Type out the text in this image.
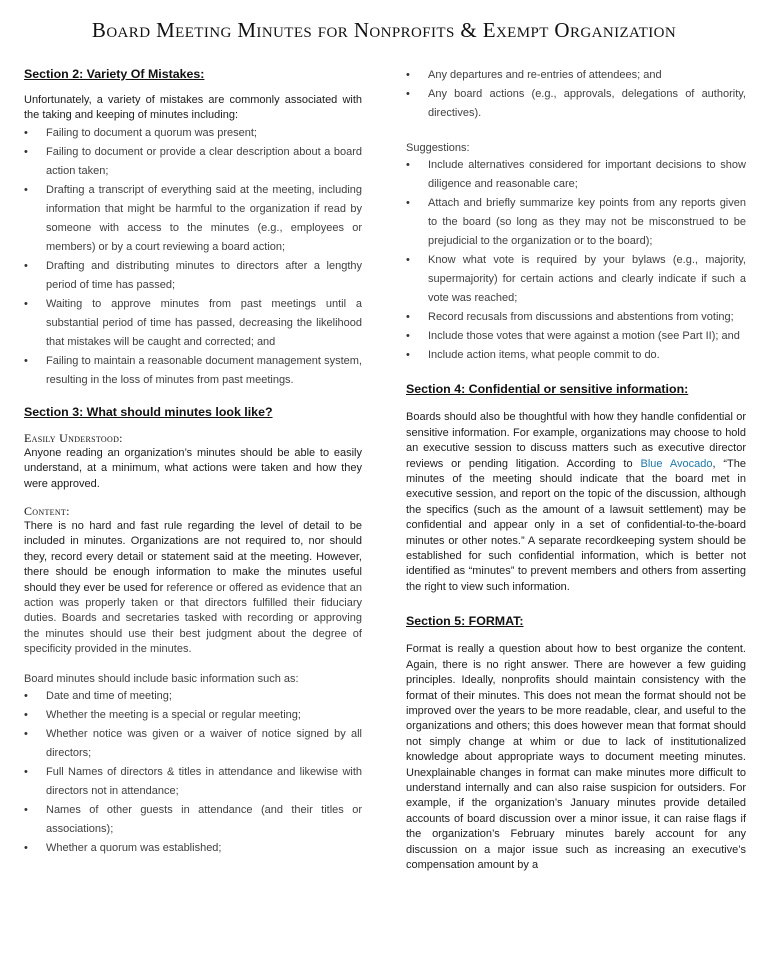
Board Meeting Minutes for Nonprofits & Exempt Organization
Section 2: Variety Of Mistakes:

Unfortunately, a variety of mistakes are commonly associated with the taking and keeping of minutes including:

• Failing to document a quorum was present;
• Failing to document or provide a clear description about a board action taken;
• Drafting a transcript of everything said at the meeting, including information that might be harmful to the organization if read by someone with access to the minutes (e.g., employees or members) or by a court reviewing a board action;
• Drafting and distributing minutes to directors after a lengthy period of time has passed;
• Waiting to approve minutes from past meetings until a substantial period of time has passed, decreasing the likelihood that mistakes will be caught and corrected; and
• Failing to maintain a reasonable document management system, resulting in the loss of minutes from past meetings.
Section 3: What should minutes look like?
Easily Understood:

Anyone reading an organization’s minutes should be able to easily understand, at a minimum, what actions were taken and how they were approved.

Content:

There is no hard and fast rule regarding the level of detail to be included in minutes. Organizations are not required to, nor should they, record every detail or statement said at the meeting. However, there should be enough information to make the minutes useful should they ever be used for reference or offered as evidence that an action was properly taken or that directors fulfilled their fiduciary duties. Boards and secretaries tasked with recording or approving the minutes should use their best judgment about the degree of specificity provided in the minutes.

Board minutes should include basic information such as:

• Date and time of meeting;
• Whether the meeting is a special or regular meeting;
• Whether notice was given or a waiver of notice signed by all directors;
• Full Names of directors & titles in attendance and likewise with directors not in attendance;
• Names of other guests in attendance (and their titles or associations);
• Whether a quorum was established;
• Any departures and re-entries of attendees; and
• Any board actions (e.g., approvals, delegations of authority, directives).

Suggestions:

• Include alternatives considered for important decisions to show diligence and reasonable care;
• Attach and briefly summarize key points from any reports given to the board (so long as they may not be misconstrued to be prejudicial to the organization or to the board);
• Know what vote is required by your bylaws (e.g., majority, supermajority) for certain actions and clearly indicate if such a vote was reached;
• Record recusals from discussions and abstentions from voting;
• Include those votes that were against a motion (see Part II); and
• Include action items, what people commit to do.
Section 4: Confidential or sensitive information:

Boards should also be thoughtful with how they handle confidential or sensitive information. For example, organizations may choose to hold an executive session to discuss matters such as executive director reviews or pending litigation. According to Blue Avocado, “The minutes of the meeting should indicate that the board met in executive session, and report on the topic of the discussion, although the specifics (such as the amount of a lawsuit settlement) may be confidential and appear only in a set of confidential-to-the-board minutes or other notes.” A separate recordkeeping system should be established for such confidential information, which is better not identified as “minutes” to prevent members and others from asserting the right to view such information.

Section 5: FORMAT:

Format is really a question about how to best organize the content. Again, there is no right answer. There are however a few guiding principles. Ideally, nonprofits should maintain consistency with the format of their minutes. This does not mean the format should not be improved over the years to be more readable, clear, and useful to the organizations and others; this does however mean that format should not simply change at whim or due to lack of institutionalized knowledge about appropriate ways to document meeting minutes. Unexplainable changes in format can make minutes more difficult to understand internally and can also raise suspicion for outsiders. For example, if the organization’s January minutes provide detailed accounts of board discussion over a minor issue, it can raise flags if the organization’s February minutes barely account for any discussion on a major issue such as increasing an executive’s compensation amount by a
